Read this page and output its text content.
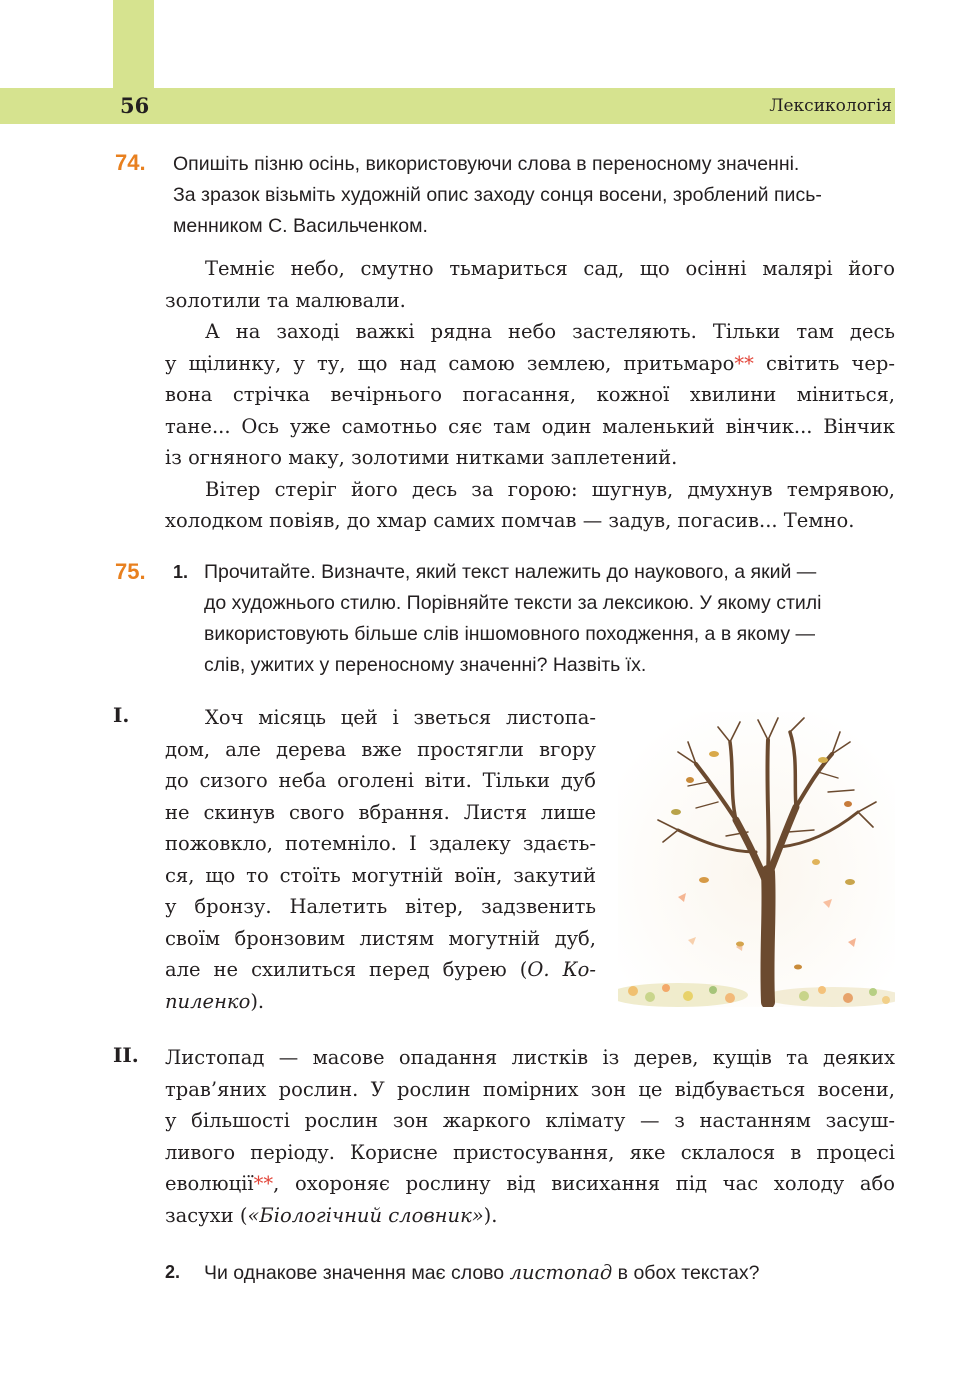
56	Лексикологія
74. Опишіть пізню осінь, використовуючи слова в переносному значенні.
За зразок візьміть художній опис заходу сонця восени, зроблений пись-
менником С. Васильченком.
Темніє небо, смутно тьмариться сад, що осінні малярі його
золотили та малювали.
А на заході важкі рядна небо застеляють. Тільки там десь
у щілинку, у ту, що над самою землею, притьмаро** світить чер-
вона стрічка вечірнього погасання, кожної хвилини міниться,
тане... Ось уже самотньо сяє там один маленький вінчик... Вінчик
із огняного маку, золотими нитками заплетений.
Вітер стеріг його десь за горою: шугнув, дмухнув темрявою,
холодком повіяв, до хмар самих помчав — задув, погасив... Темно.
75. 1. Прочитайте. Визначте, який текст належить до наукового, а який —
до художнього стилю. Порівняйте тексти за лексикою. У якому стилі
використовують більше слів іншомовного походження, а в якому —
слів, ужитих у переносному значенні? Назвіть їх.
I.	Хоч місяць цей і зветься листопа-
дом, але дерева вже простягли вгору
до сизого неба оголені віти. Тільки дуб
не скинув свого вбрання. Листя лише
пожовкло, потемніло. І здалеку здаєть-
ся, що то стоїть могутній воїн, закутий
у бронзу. Налетить вітер, задзвенить
своїм бронзовим листям могутній дуб,
але не схилиться перед бурею (О. Ко-
пиленко).
II. Листопад — масове опадання листків із дерев, кущів та деяких
трав’яних рослин. У рослин помірних зон це відбувається восени,
у більшості рослин зон жаркого клімату — з настанням засуш-
ливого періоду. Корисне пристосування, яке склалося в процесі
еволюції**, охороняє рослину від висихання під час холоду або
засухи («Біологічний словник»).
2. Чи однакове значення має слово листопад в обох текстах?
